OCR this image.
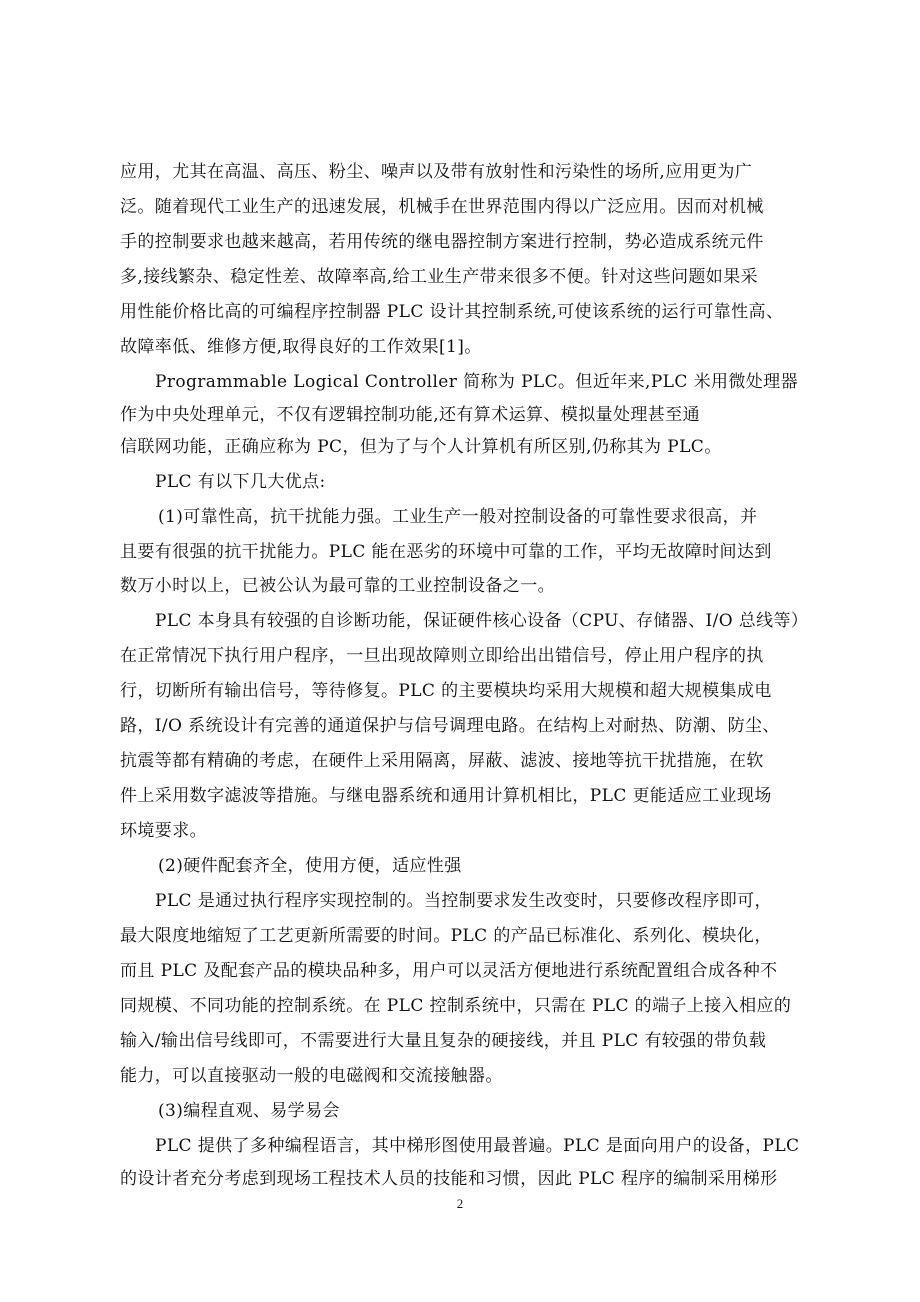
应用，尤其在高温、高压、粉尘、噪声以及带有放射性和污染性的场所,应用更为广
泛。随着现代工业生产的迅速发展，机械手在世界范围内得以广泛应用。因而对机械
手的控制要求也越来越高，若用传统的继电器控制方案进行控制，势必造成系统元件
多,接线繁杂、稳定性差、故障率高,给工业生产带来很多不便。针对这些问题如果采
用性能价格比高的可编程序控制器 PLC 设计其控制系统,可使该系统的运行可靠性高、
故障率低、维修方便,取得良好的工作效果[1]。
Programmable Logical Controller 简称为 PLC。但近年来,PLC 米用微处理器
作为中央处理单元，不仅有逻辑控制功能,还有算术运算、模拟量处理甚至通
信联网功能，正确应称为 PC，但为了与个人计算机有所区别,仍称其为 PLC。
PLC 有以下几大优点:
(1)可靠性高，抗干扰能力强。工业生产一般对控制设备的可靠性要求很高，并
且要有很强的抗干扰能力。PLC 能在恶劣的环境中可靠的工作，平均无故障时间达到
数万小时以上，已被公认为最可靠的工业控制设备之一。
PLC 本身具有较强的自诊断功能，保证硬件核心设备（CPU、存储器、I/O 总线等）
在正常情况下执行用户程序，一旦出现故障则立即给出出错信号，停止用户程序的执
行，切断所有输出信号，等待修复。PLC 的主要模块均采用大规模和超大规模集成电
路，I/O 系统设计有完善的通道保护与信号调理电路。在结构上对耐热、防潮、防尘、
抗震等都有精确的考虑，在硬件上采用隔离，屏蔽、滤波、接地等抗干扰措施，在软
件上采用数字滤波等措施。与继电器系统和通用计算机相比，PLC 更能适应工业现场
环境要求。
(2)硬件配套齐全，使用方便，适应性强
PLC 是通过执行程序实现控制的。当控制要求发生改变时，只要修改程序即可，
最大限度地缩短了工艺更新所需要的时间。PLC 的产品已标准化、系列化、模块化，
而且 PLC 及配套产品的模块品种多，用户可以灵活方便地进行系统配置组合成各种不
同规模、不同功能的控制系统。在 PLC 控制系统中，只需在 PLC 的端子上接入相应的
输入/输出信号线即可，不需要进行大量且复杂的硬接线，并且 PLC 有较强的带负载
能力，可以直接驱动一般的电磁阀和交流接触器。
(3)编程直观、易学易会
PLC 提供了多种编程语言，其中梯形图使用最普遍。PLC 是面向用户的设备，PLC
的设计者充分考虑到现场工程技术人员的技能和习惯，因此 PLC 程序的编制采用梯形
2
